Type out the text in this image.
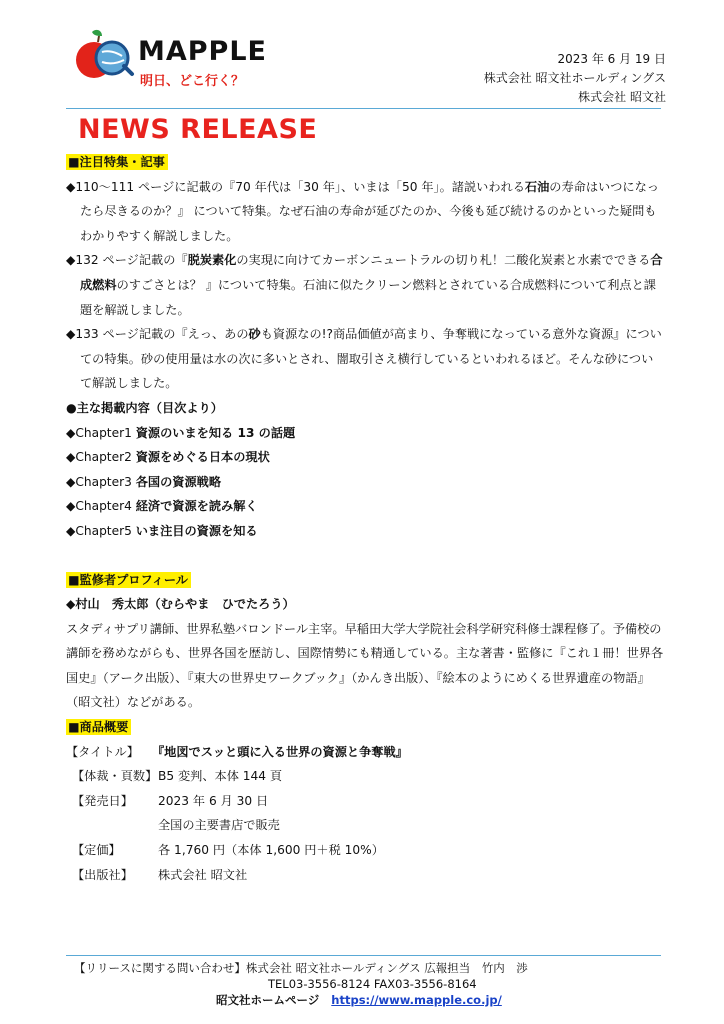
MAPPLE
明日、どこ行く？
2023 年 6 月 19 日
株式会社 昭文社ホールディングス
株式会社 昭文社
NEWS RELEASE

■注目特集・記事

◆110～111 ページに記載の『70 年代は「30 年」、いまは「50 年」。諸説いわれる石油の寿命はいつになったら尽きるのか？』 について特集。なぜ石油の寿命が延びたのか、今後も延び続けるのかといった疑問もわかりやすく解説しました。

◆132 ページ記載の『脱炭素化の実現に向けてカーボンニュートラルの切り札！二酸化炭素と水素でできる合成燃料のすごさとは？ 』について特集。石油に似たクリーン燃料とされている合成燃料について利点と課題を解説しました。

◆133 ページ記載の『えっ、あの砂も資源なの!?商品価値が高まり、争奪戦になっている意外な資源』についての特集。砂の使用量は水の次に多いとされ、闇取引さえ横行しているといわれるほど。そんな砂について解説しました。

●主な掲載内容（目次より）

◆Chapter1 資源のいまを知る 13 の話題

◆Chapter2 資源をめぐる日本の現状

◆Chapter3 各国の資源戦略

◆Chapter4 経済で資源を読み解く

◆Chapter5 いま注目の資源を知る

■監修者プロフィール

◆村山　秀太郎（むらやま　ひでたろう）

スタディサプリ講師、世界私塾バロンドール主宰。早稲田大学大学院社会科学研究科修士課程修了。予備校の講師を務めながらも、世界各国を歴訪し、国際情勢にも精通している。主な著書・監修に『これ１冊！世界各国史』（アーク出版）、『東大の世界史ワークブック』（かんき出版）、『絵本のようにめくる世界遺産の物語』（昭文社）などがある。

■商品概要

【タイトル】	『地図でスッと頭に入る世界の資源と争奪戦』

【体裁・頁数】 B5 変判、本体 144 頁

【発売日】	2023 年 6 月 30 日

全国の主要書店で販売

【定価】	各 1,760 円（本体 1,600 円＋税 10%）

【出版社】	株式会社 昭文社

【リリースに関する問い合わせ】株式会社 昭文社ホールディングス 広報担当　竹内　渉
TEL03-3556-8124 FAX03-3556-8164
昭文社ホームページ https://www.mapple.co.jp/
